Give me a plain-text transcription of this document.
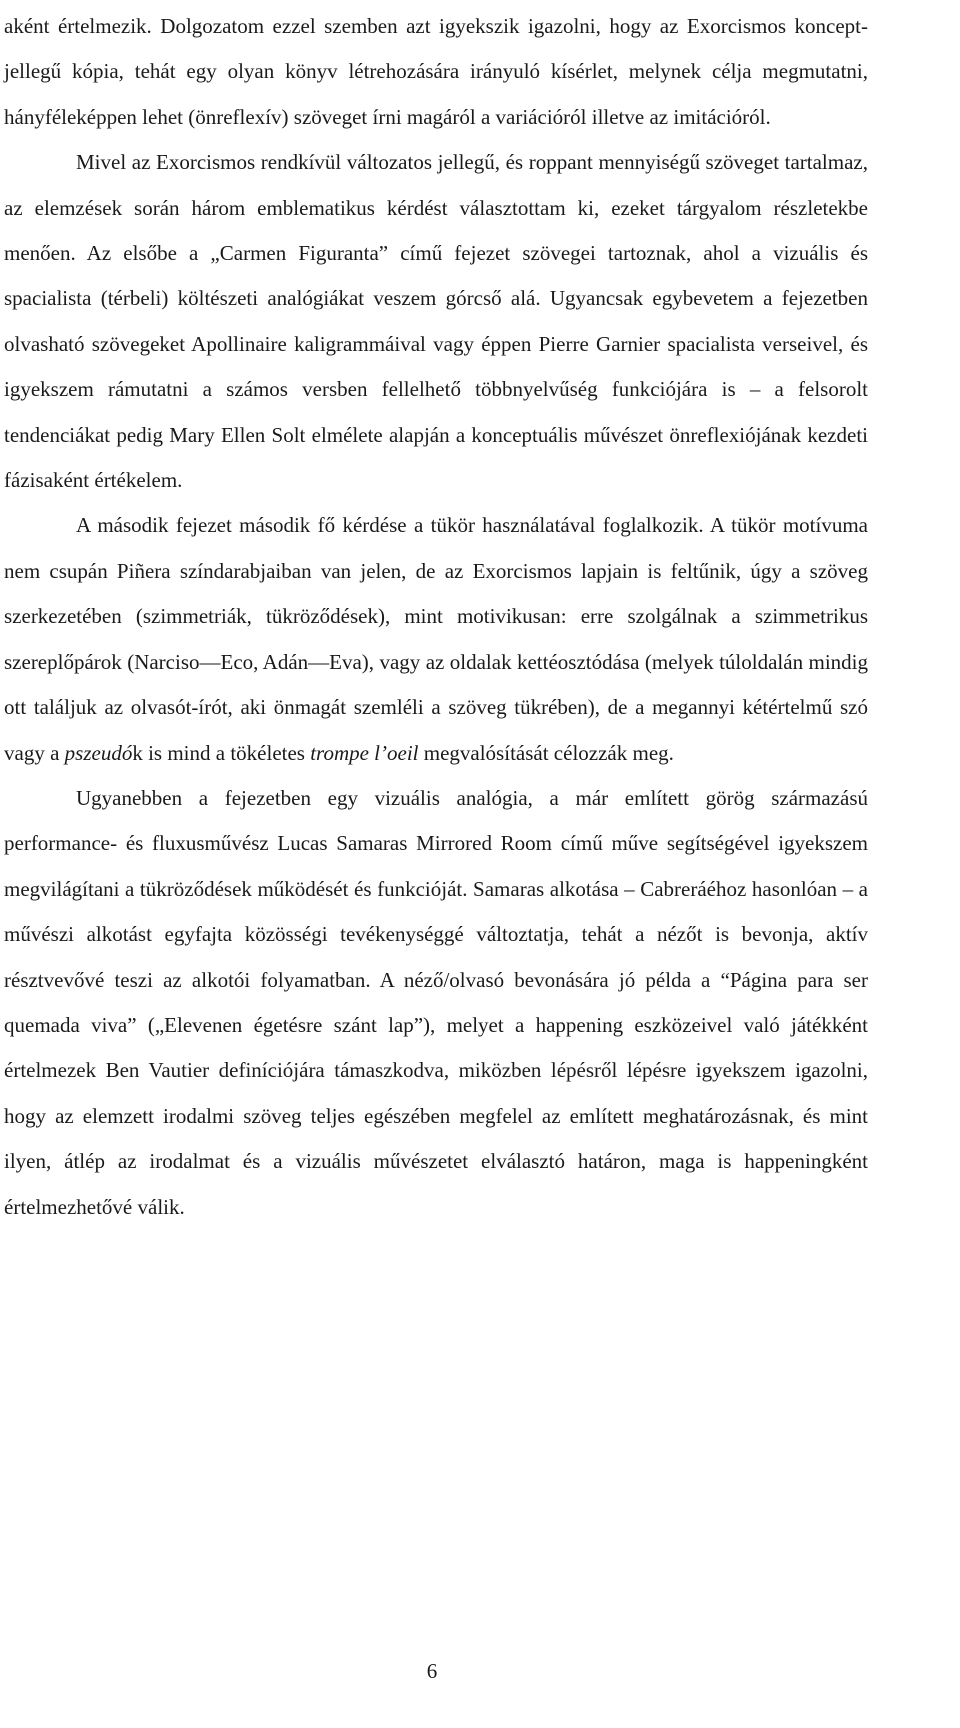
aként értelmezik. Dolgozatom ezzel szemben azt igyekszik igazolni, hogy az Exorcismos koncept-jellegű kópia, tehát egy olyan könyv létrehozására irányuló kísérlet, melynek célja megmutatni, hányféleképpen lehet (önreflexív) szöveget írni magáról a variációról illetve az imitációról.

Mivel az Exorcismos rendkívül változatos jellegű, és roppant mennyiségű szöveget tartalmaz, az elemzések során három emblematikus kérdést választottam ki, ezeket tárgyalom részletekbe menően. Az elsőbe a „Carmen Figuranta” című fejezet szövegei tartoznak, ahol a vizuális és spacialista (térbeli) költészeti analógiákat veszem górcső alá. Ugyancsak egybevetem a fejezetben olvasható szövegeket Apollinaire kaligrammáival vagy éppen Pierre Garnier spacialista verseivel, és igyekszem rámutatni a számos versben fellelhető többnyelvűség funkciójára is – a felsorolt tendenciákat pedig Mary Ellen Solt elmélete alapján a konceptuális művészet önreflexiójának kezdeti fázisaként értékelem.

A második fejezet második fő kérdése a tükör használatával foglalkozik. A tükör motívuma nem csupán Piñera színdarabjaiban van jelen, de az Exorcismos lapjain is feltűnik, úgy a szöveg szerkezetében (szimmetriák, tükröződések), mint motivikusan: erre szolgálnak a szimmetrikus szereplőpárok (Narciso—Eco, Adán—Eva), vagy az oldalak kettéosztódása (melyek túloldalán mindig ott találjuk az olvasót-írót, aki önmagát szemléli a szöveg tükrében), de a megannyi kétértelmű szó vagy a pszeudók is mind a tökéletes trompe l’oeil megvalósítását célozzák meg.

Ugyanebben a fejezetben egy vizuális analógia, a már említett görög származású performance- és fluxusművész Lucas Samaras Mirrored Room című műve segítségével igyekszem megvilágítani a tükröződések működését és funkcióját. Samaras alkotása – Cabreráéhoz hasonlóan – a művészi alkotást egyfajta közösségi tevékenységgé változtatja, tehát a nézőt is bevonja, aktív résztvevővé teszi az alkotói folyamatban. A néző/olvasó bevonására jó példa a “Página para ser quemada viva” („Elevenen égetésre szánt lap”), melyet a happening eszközeivel való játékként értelmezek Ben Vautier definíciójára támaszkodva, miközben lépésről lépésre igyekszem igazolni, hogy az elemzett irodalmi szöveg teljes egészében megfelel az említett meghatározásnak, és mint ilyen, átlép az irodalmat és a vizuális művészetet elválasztó határon, maga is happeningként értelmezhetővé válik.

6
